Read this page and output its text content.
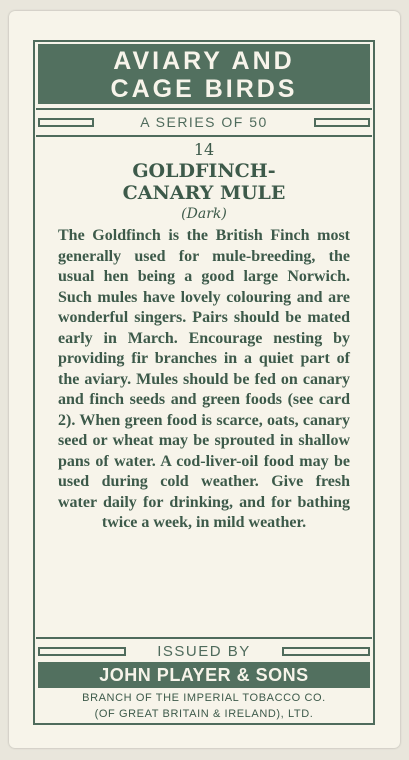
AVIARY AND
CAGE BIRDS
A SERIES OF 50
14
GOLDFINCH-
CANARY MULE
(Dark)
The Goldfinch is the British Finch most generally used for mule-breeding, the usual hen being a good large Norwich. Such mules have lovely colouring and are wonderful singers. Pairs should be mated early in March. Encourage nesting by providing fir branches in a quiet part of the aviary. Mules should be fed on canary and finch seeds and green foods (see card 2). When green food is scarce, oats, canary seed or wheat may be sprouted in shallow pans of water. A cod-liver-oil food may be used during cold weather. Give fresh water daily for drinking, and for bathing twice a week, in mild weather.
ISSUED BY
JOHN PLAYER & SONS
BRANCH OF THE IMPERIAL TOBACCO CO.
(OF GREAT BRITAIN & IRELAND), LTD.
